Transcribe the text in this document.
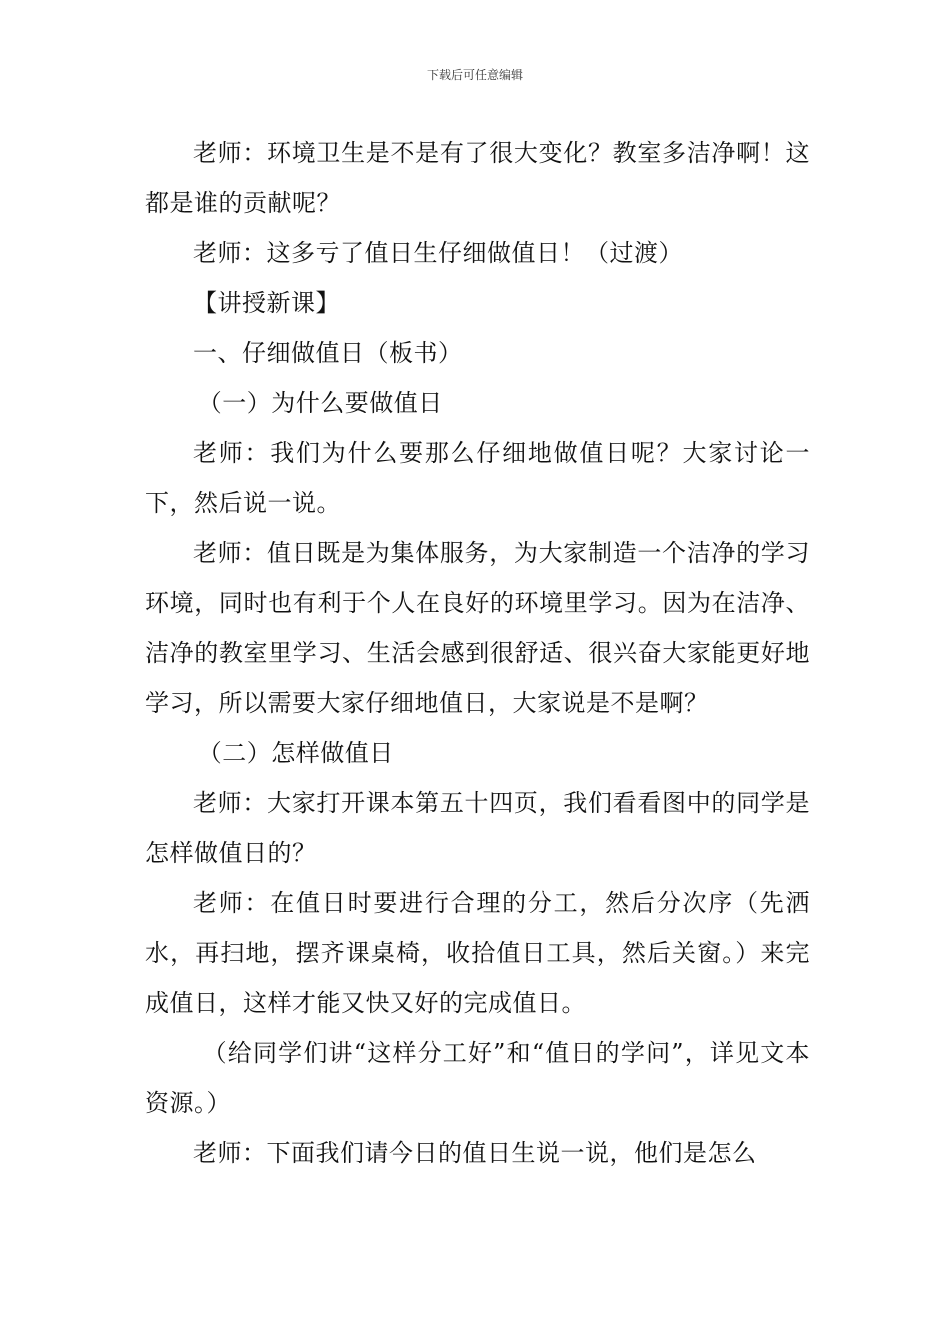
下载后可任意编辑

老师：环境卫生是不是有了很大变化？教室多洁净啊！这都是谁的贡献呢？

老师：这多亏了值日生仔细做值日！（过渡）

【讲授新课】

一、仔细做值日（板书）

（一）为什么要做值日

老师：我们为什么要那么仔细地做值日呢？大家讨论一下，然后说一说。

老师：值日既是为集体服务，为大家制造一个洁净的学习环境，同时也有利于个人在良好的环境里学习。因为在洁净、洁净的教室里学习、生活会感到很舒适、很兴奋大家能更好地学习，所以需要大家仔细地值日，大家说是不是啊？

（二）怎样做值日

老师：大家打开课本第五十四页，我们看看图中的同学是怎样做值日的？

老师：在值日时要进行合理的分工，然后分次序（先洒水，再扫地，摆齐课桌椅，收拾值日工具，然后关窗。）来完成值日，这样才能又快又好的完成值日。

（给同学们讲“这样分工好”和“值日的学问”，详见文本资源。）

老师：下面我们请今日的值日生说一说，他们是怎么
